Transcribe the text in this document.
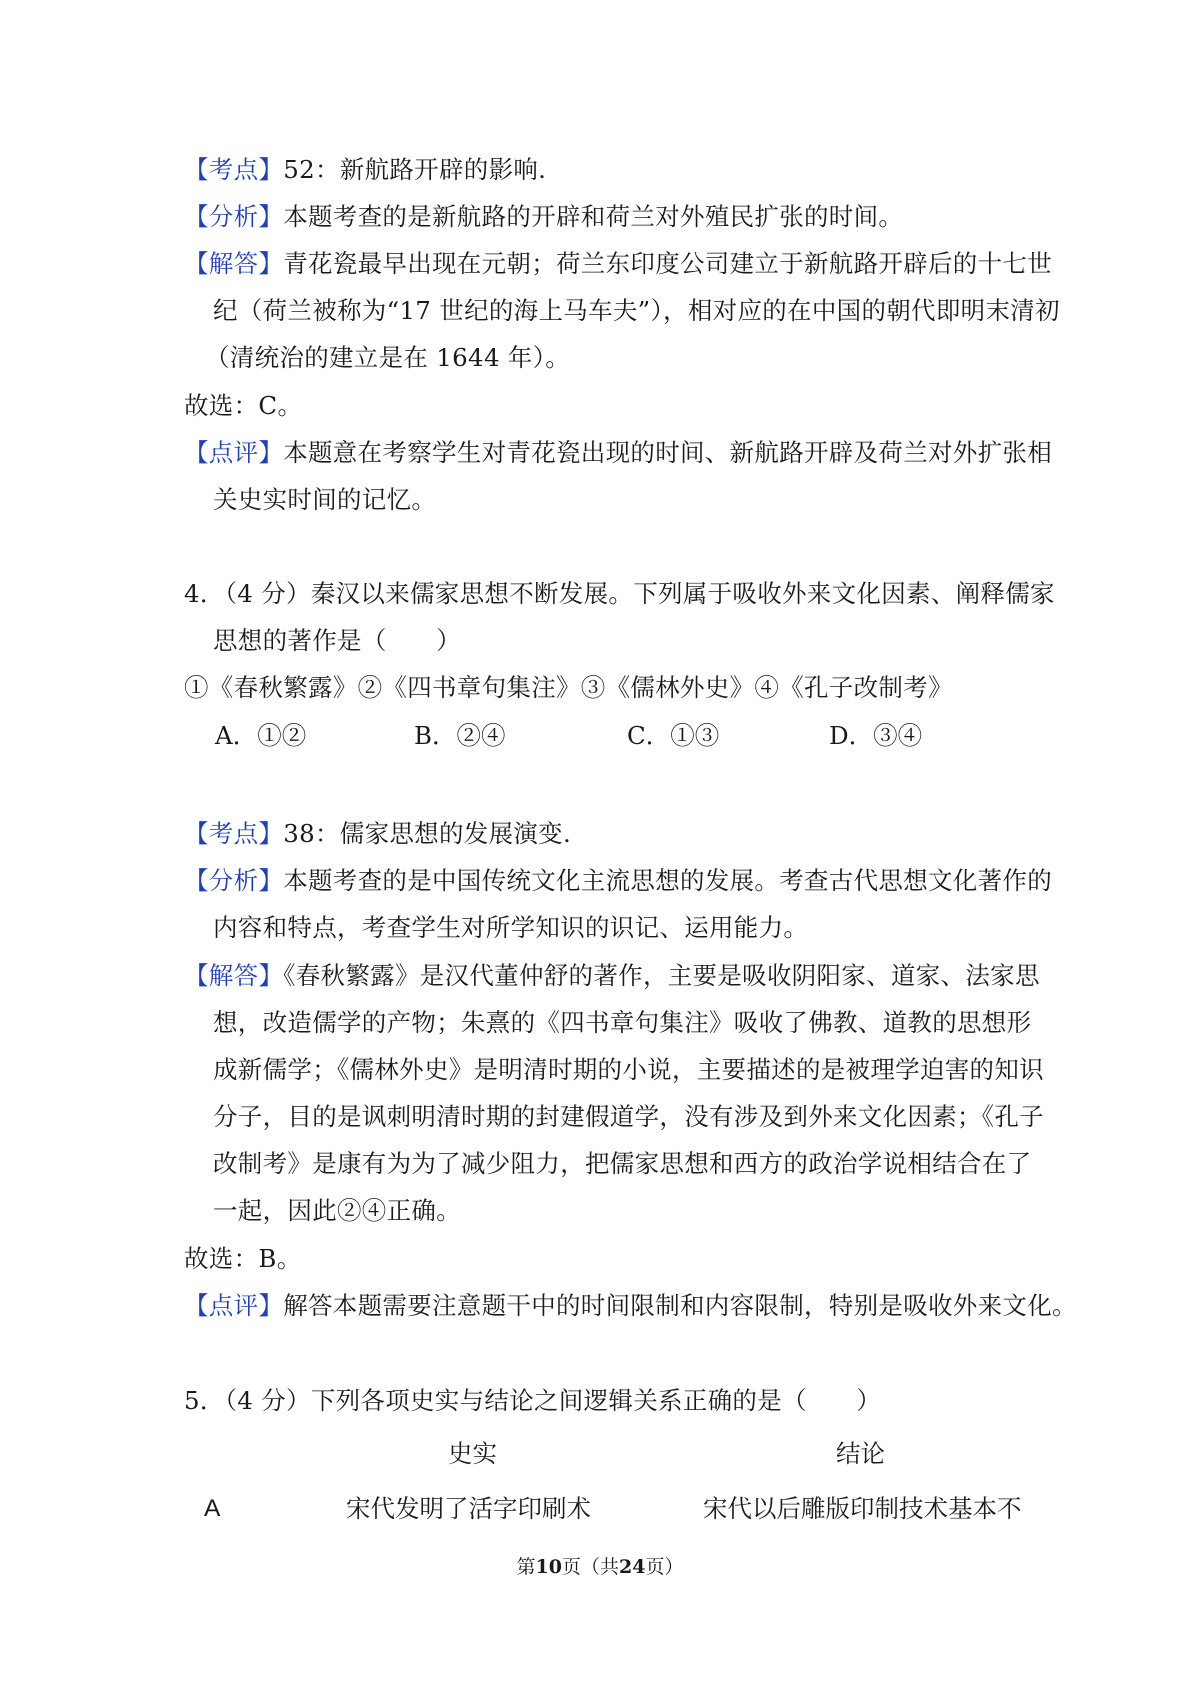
【考点】52：新航路开辟的影响.
【分析】本题考查的是新航路的开辟和荷兰对外殖民扩张的时间。
【解答】青花瓷最早出现在元朝；荷兰东印度公司建立于新航路开辟后的十七世
纪（荷兰被称为“17 世纪的海上马车夫”），相对应的在中国的朝代即明末清初
（清统治的建立是在 1644 年）。
故选：C。
【点评】本题意在考察学生对青花瓷出现的时间、新航路开辟及荷兰对外扩张相
关史实时间的记忆。
4．（4 分）秦汉以来儒家思想不断发展。下列属于吸收外来文化因素、阐释儒家
思想的著作是（　　）
①《春秋繁露》②《四书章句集注》③《儒林外史》④《孔子改制考》
A．①②	B．②④	C．①③	D．③④
【考点】38：儒家思想的发展演变.
【分析】本题考查的是中国传统文化主流思想的发展。考查古代思想文化著作的
内容和特点，考查学生对所学知识的识记、运用能力。
【解答】《春秋繁露》是汉代董仲舒的著作，主要是吸收阴阳家、道家、法家思
想，改造儒学的产物；朱熹的《四书章句集注》吸收了佛教、道教的思想形
成新儒学；《儒林外史》是明清时期的小说，主要描述的是被理学迫害的知识
分子，目的是讽刺明清时期的封建假道学，没有涉及到外来文化因素；《孔子
改制考》是康有为为了减少阻力，把儒家思想和西方的政治学说相结合在了
一起，因此②④正确。
故选：B。
【点评】解答本题需要注意题干中的时间限制和内容限制，特别是吸收外来文化。
5．（4 分）下列各项史实与结论之间逻辑关系正确的是（　　）
史实	结论
A	宋代发明了活字印刷术	宋代以后雕版印制技术基本不
第10页（共24页）
